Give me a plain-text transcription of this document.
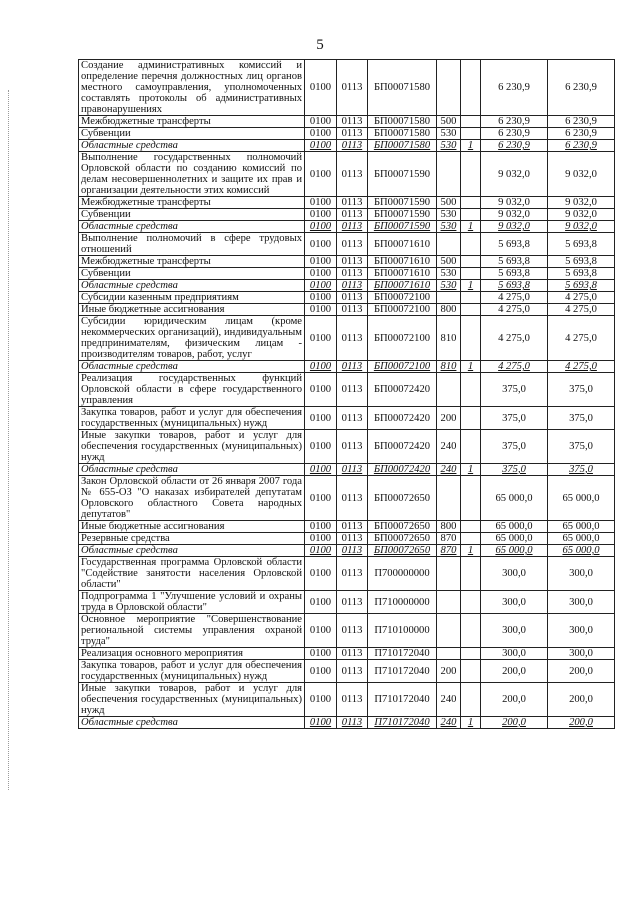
5
Создание административных комиссий и определение перечня должностных лиц органов местного самоуправления, уполномоченных составлять протоколы об административных правонарушениях	0100	0113	БП00071580			6 230,9	6 230,9
Межбюджетные трансферты	0100	0113	БП00071580	500		6 230,9	6 230,9
Субвенции	0100	0113	БП00071580	530		6 230,9	6 230,9
Областные средства	0100	0113	БП00071580	530	1	6 230,9	6 230,9
Выполнение государственных полномочий Орловской области по созданию комиссий по делам несовершеннолетних и защите их прав и организации деятельности этих комиссий	0100	0113	БП00071590			9 032,0	9 032,0
Межбюджетные трансферты	0100	0113	БП00071590	500		9 032,0	9 032,0
Субвенции	0100	0113	БП00071590	530		9 032,0	9 032,0
Областные средства	0100	0113	БП00071590	530	1	9 032,0	9 032,0
Выполнение полномочий в сфере трудовых отношений	0100	0113	БП00071610			5 693,8	5 693,8
Межбюджетные трансферты	0100	0113	БП00071610	500		5 693,8	5 693,8
Субвенции	0100	0113	БП00071610	530		5 693,8	5 693,8
Областные средства	0100	0113	БП00071610	530	1	5 693,8	5 693,8
Субсидии казенным предприятиям	0100	0113	БП00072100			4 275,0	4 275,0
Иные бюджетные ассигнования	0100	0113	БП00072100	800		4 275,0	4 275,0
Субсидии юридическим лицам (кроме некоммерческих организаций), индивидуальным предпринимателям, физическим лицам - производителям товаров, работ, услуг	0100	0113	БП00072100	810		4 275,0	4 275,0
Областные средства	0100	0113	БП00072100	810	1	4 275,0	4 275,0
Реализация государственных функций Орловской области в сфере государственного управления	0100	0113	БП00072420			375,0	375,0
Закупка товаров, работ и услуг для обеспечения государственных (муниципальных) нужд	0100	0113	БП00072420	200		375,0	375,0
Иные закупки товаров, работ и услуг для обеспечения государственных (муниципальных) нужд	0100	0113	БП00072420	240		375,0	375,0
Областные средства	0100	0113	БП00072420	240	1	375,0	375,0
Закон Орловской области от 26 января 2007 года № 655-ОЗ "О наказах избирателей депутатам Орловского областного Совета народных депутатов"	0100	0113	БП00072650			65 000,0	65 000,0
Иные бюджетные ассигнования	0100	0113	БП00072650	800		65 000,0	65 000,0
Резервные средства	0100	0113	БП00072650	870		65 000,0	65 000,0
Областные средства	0100	0113	БП00072650	870	1	65 000,0	65 000,0
Государственная программа Орловской области "Содействие занятости населения Орловской области"	0100	0113	П700000000			300,0	300,0
Подпрограмма 1 "Улучшение условий и охраны труда в Орловской области"	0100	0113	П710000000			300,0	300,0
Основное мероприятие "Совершенствование региональной системы управления охраной труда"	0100	0113	П710100000			300,0	300,0
Реализация основного мероприятия	0100	0113	П710172040			300,0	300,0
Закупка товаров, работ и услуг для обеспечения государственных (муниципальных) нужд	0100	0113	П710172040	200		200,0	200,0
Иные закупки товаров, работ и услуг для обеспечения государственных (муниципальных) нужд	0100	0113	П710172040	240		200,0	200,0
Областные средства	0100	0113	П710172040	240	1	200,0	200,0
